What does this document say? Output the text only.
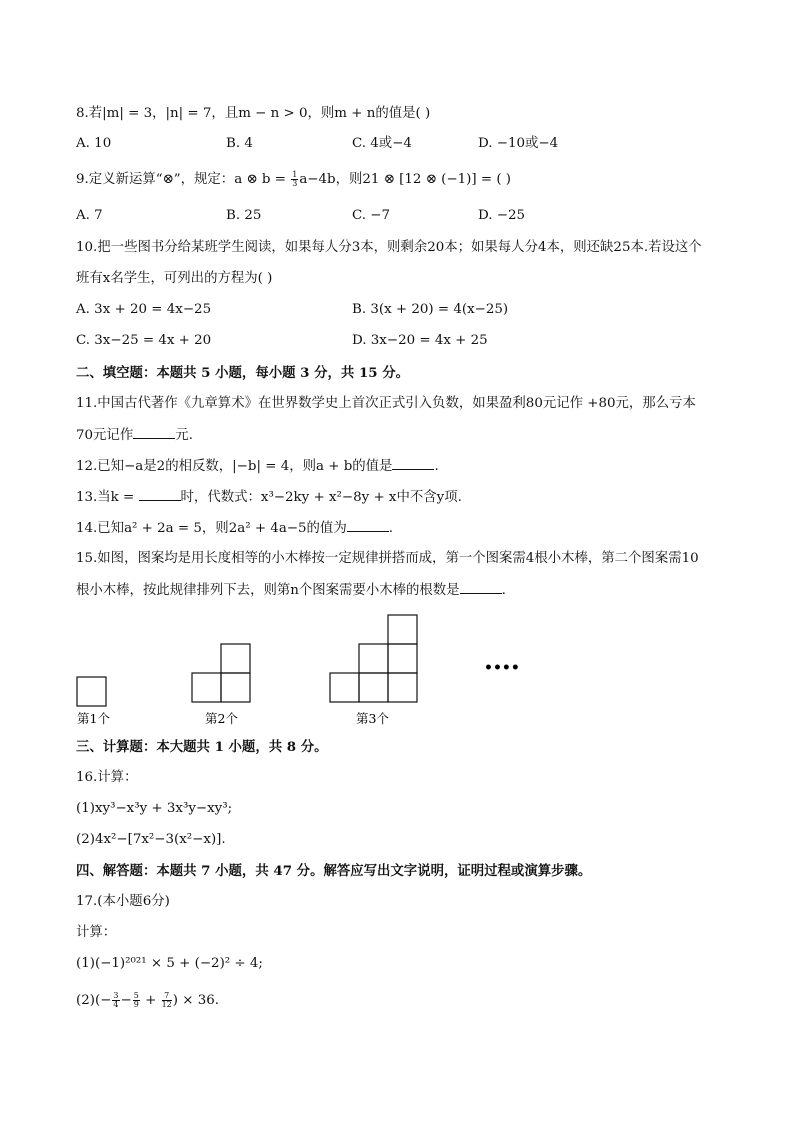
8.若|m| = 3，|n| = 7，且m − n > 0，则m + n的值是( )
A. 10	B. 4	C. 4或−4	D. −10或−4
9.定义新运算“⊗”，规定：a ⊗ $b = \frac{1}{3} a-4b$，则21 ⊗ [12 ⊗ (−1)] = ( )
A. 7	B. 25	C. −7	D. −25
10.把一些图书分给某班学生阅读，如果每人分3本，则剩余20本；如果每人分4本，则还缺25本.若设这个
班有x名学生，可列出的方程为( )
A. 3x + 20 = 4x−25	B. 3(x + 20) = 4(x−25)
C. 3x−25 = 4x + 20	D. 3x−20 = 4x + 25
二、填空题：本题共 5 小题，每小题 3 分，共 15 分。
11.中国古代著作《九章算术》在世界数学史上首次正式引入负数，如果盈利80元记作 +80元，那么亏本
70元记作	元.
12.已知−a是2的相反数，|−b| = 4，则a + b的值是	.
13.当k =	时，代数式：x³−2ky + x²−8y + x中不含y项.
14.已知a² + 2a = 5，则2a² + 4a−5的值为	.
15.如图，图案均是用长度相等的小木棒按一定规律拼搭而成，第一个图案需4根小木棒，第二个图案需10
根小木棒，按此规律排列下去，则第n个图案需要小木棒的根数是	.
••••
第1个	第2个	第3个
三、计算题：本大题共 1 小题，共 8 分。
16.计算：
(1)xy³−x³y + 3x³y−xy³;
(2)4x²−[7x²−3(x²−x)].
四、解答题：本题共 7 小题，共 47 分。解答应写出文字说明，证明过程或演算步骤。
17.(本小题6分)
计算：
(1)(−1)²⁰²¹ × 5 + (−2)² ÷ 4;
$(2)(- \frac{3}{4} - \frac{5}{9} + \frac{7}{12}$ ) × 36.
